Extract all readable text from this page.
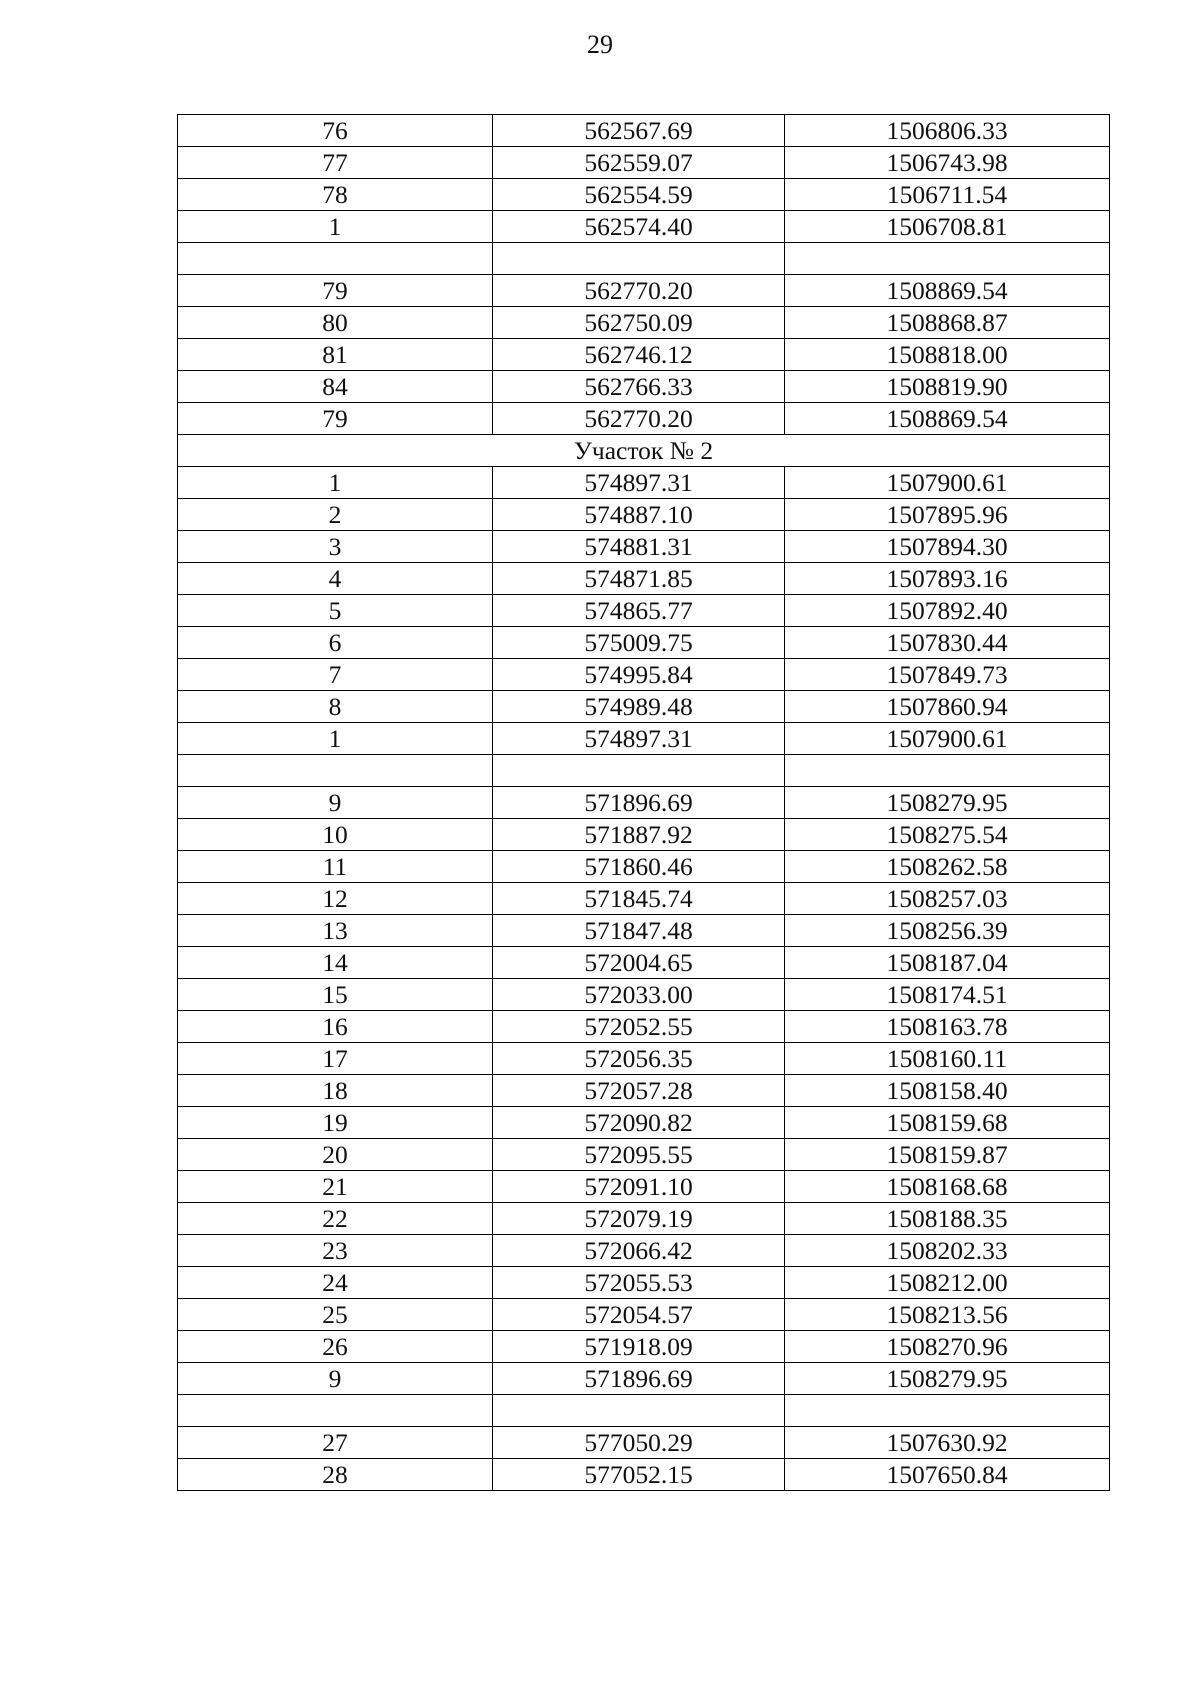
29
76	562567.69	1506806.33
77	562559.07	1506743.98
78	562554.59	1506711.54
1	562574.40	1506708.81

79	562770.20	1508869.54
80	562750.09	1508868.87
81	562746.12	1508818.00
84	562766.33	1508819.90
79	562770.20	1508869.54
Участок № 2		
1	574897.31	1507900.61
2	574887.10	1507895.96
3	574881.31	1507894.30
4	574871.85	1507893.16
5	574865.77	1507892.40
6	575009.75	1507830.44
7	574995.84	1507849.73
8	574989.48	1507860.94
1	574897.31	1507900.61

9	571896.69	1508279.95
10	571887.92	1508275.54
11	571860.46	1508262.58
12	571845.74	1508257.03
13	571847.48	1508256.39
14	572004.65	1508187.04
15	572033.00	1508174.51
16	572052.55	1508163.78
17	572056.35	1508160.11
18	572057.28	1508158.40
19	572090.82	1508159.68
20	572095.55	1508159.87
21	572091.10	1508168.68
22	572079.19	1508188.35
23	572066.42	1508202.33
24	572055.53	1508212.00
25	572054.57	1508213.56
26	571918.09	1508270.96
9	571896.69	1508279.95

27	577050.29	1507630.92
28	577052.15	1507650.84
